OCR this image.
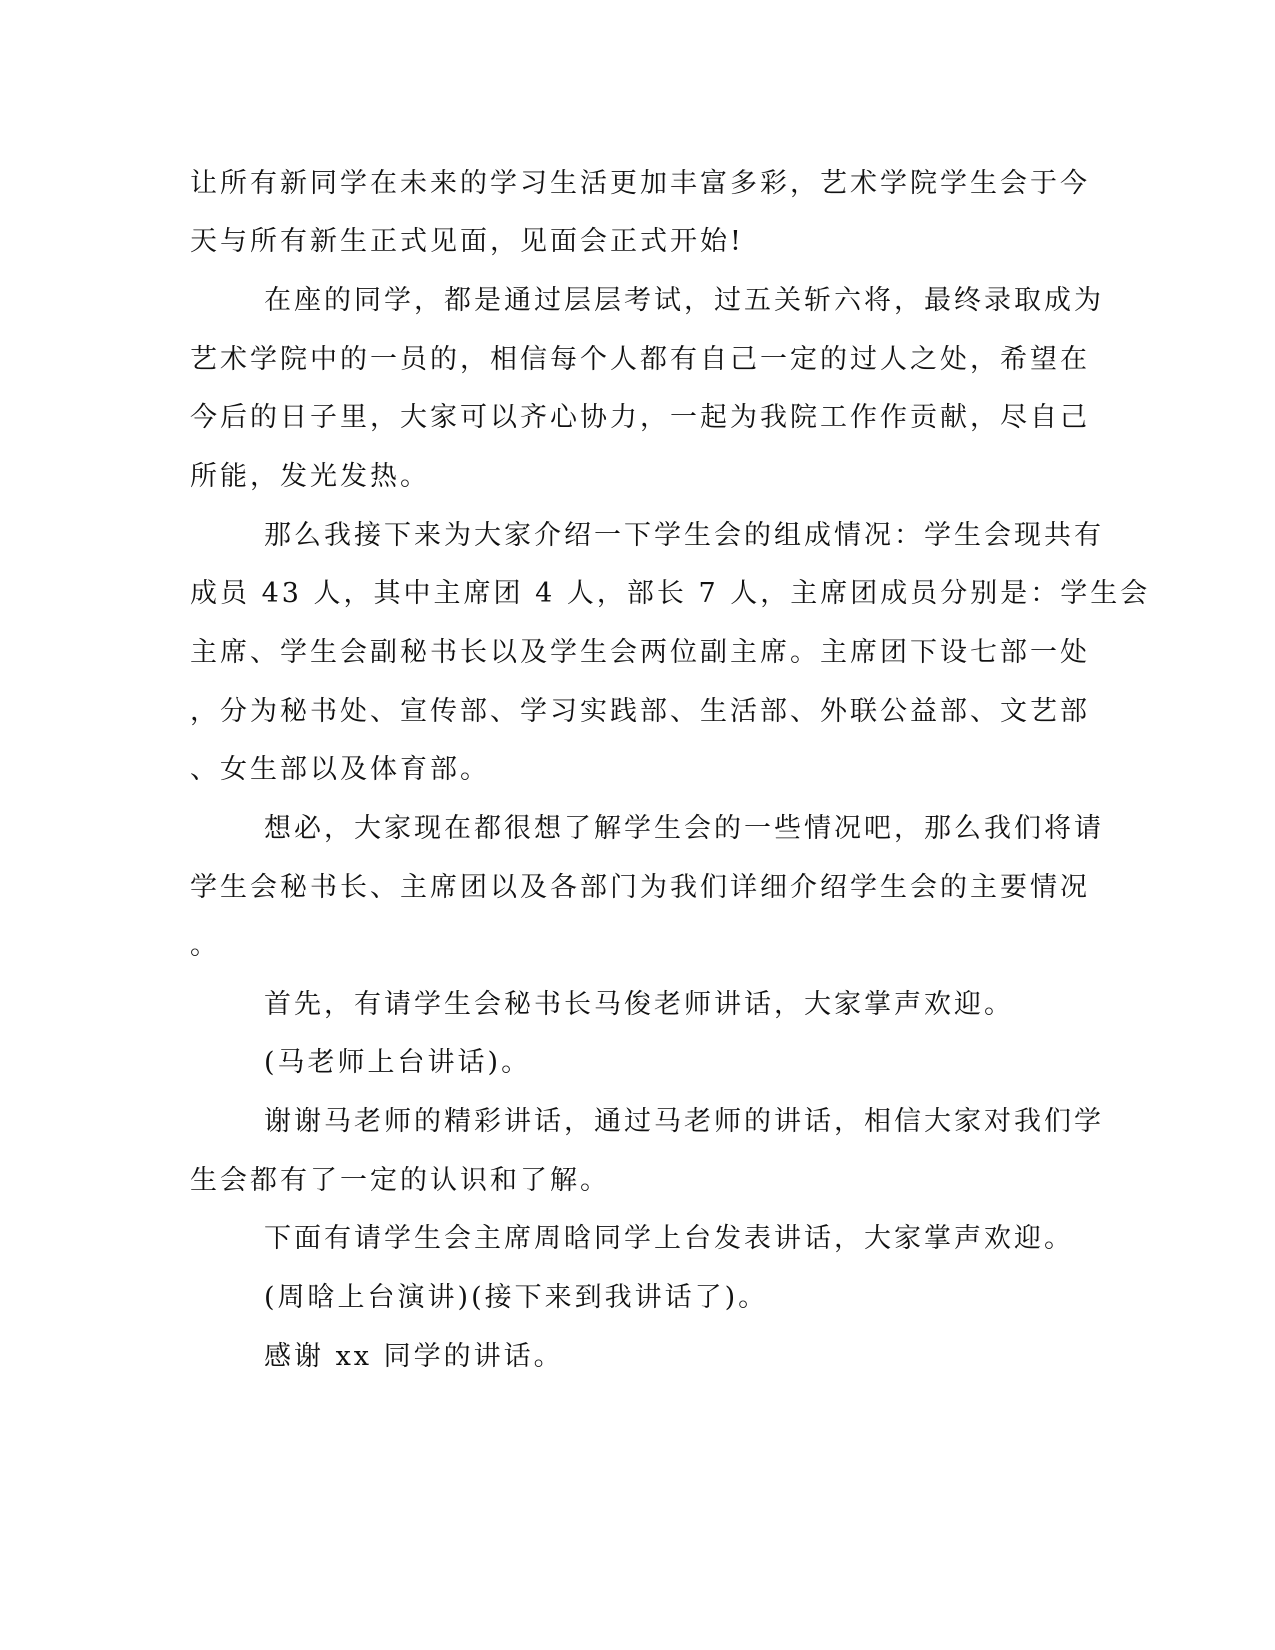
让所有新同学在未来的学习生活更加丰富多彩，艺术学院学生会于今

天与所有新生正式见面，见面会正式开始!

在座的同学，都是通过层层考试，过五关斩六将，最终录取成为

艺术学院中的一员的，相信每个人都有自己一定的过人之处，希望在

今后的日子里，大家可以齐心协力，一起为我院工作作贡献，尽自己

所能，发光发热。

那么我接下来为大家介绍一下学生会的组成情况：学生会现共有

成员 43 人，其中主席团 4 人，部长 7 人，主席团成员分别是：学生会

主席、学生会副秘书长以及学生会两位副主席。主席团下设七部一处

，分为秘书处、宣传部、学习实践部、生活部、外联公益部、文艺部

、女生部以及体育部。

想必，大家现在都很想了解学生会的一些情况吧，那么我们将请

学生会秘书长、主席团以及各部门为我们详细介绍学生会的主要情况

。

首先，有请学生会秘书长马俊老师讲话，大家掌声欢迎。

(马老师上台讲话)。

谢谢马老师的精彩讲话，通过马老师的讲话，相信大家对我们学

生会都有了一定的认识和了解。

下面有请学生会主席周晗同学上台发表讲话，大家掌声欢迎。

(周晗上台演讲)(接下来到我讲话了)。

感谢 xx 同学的讲话。
